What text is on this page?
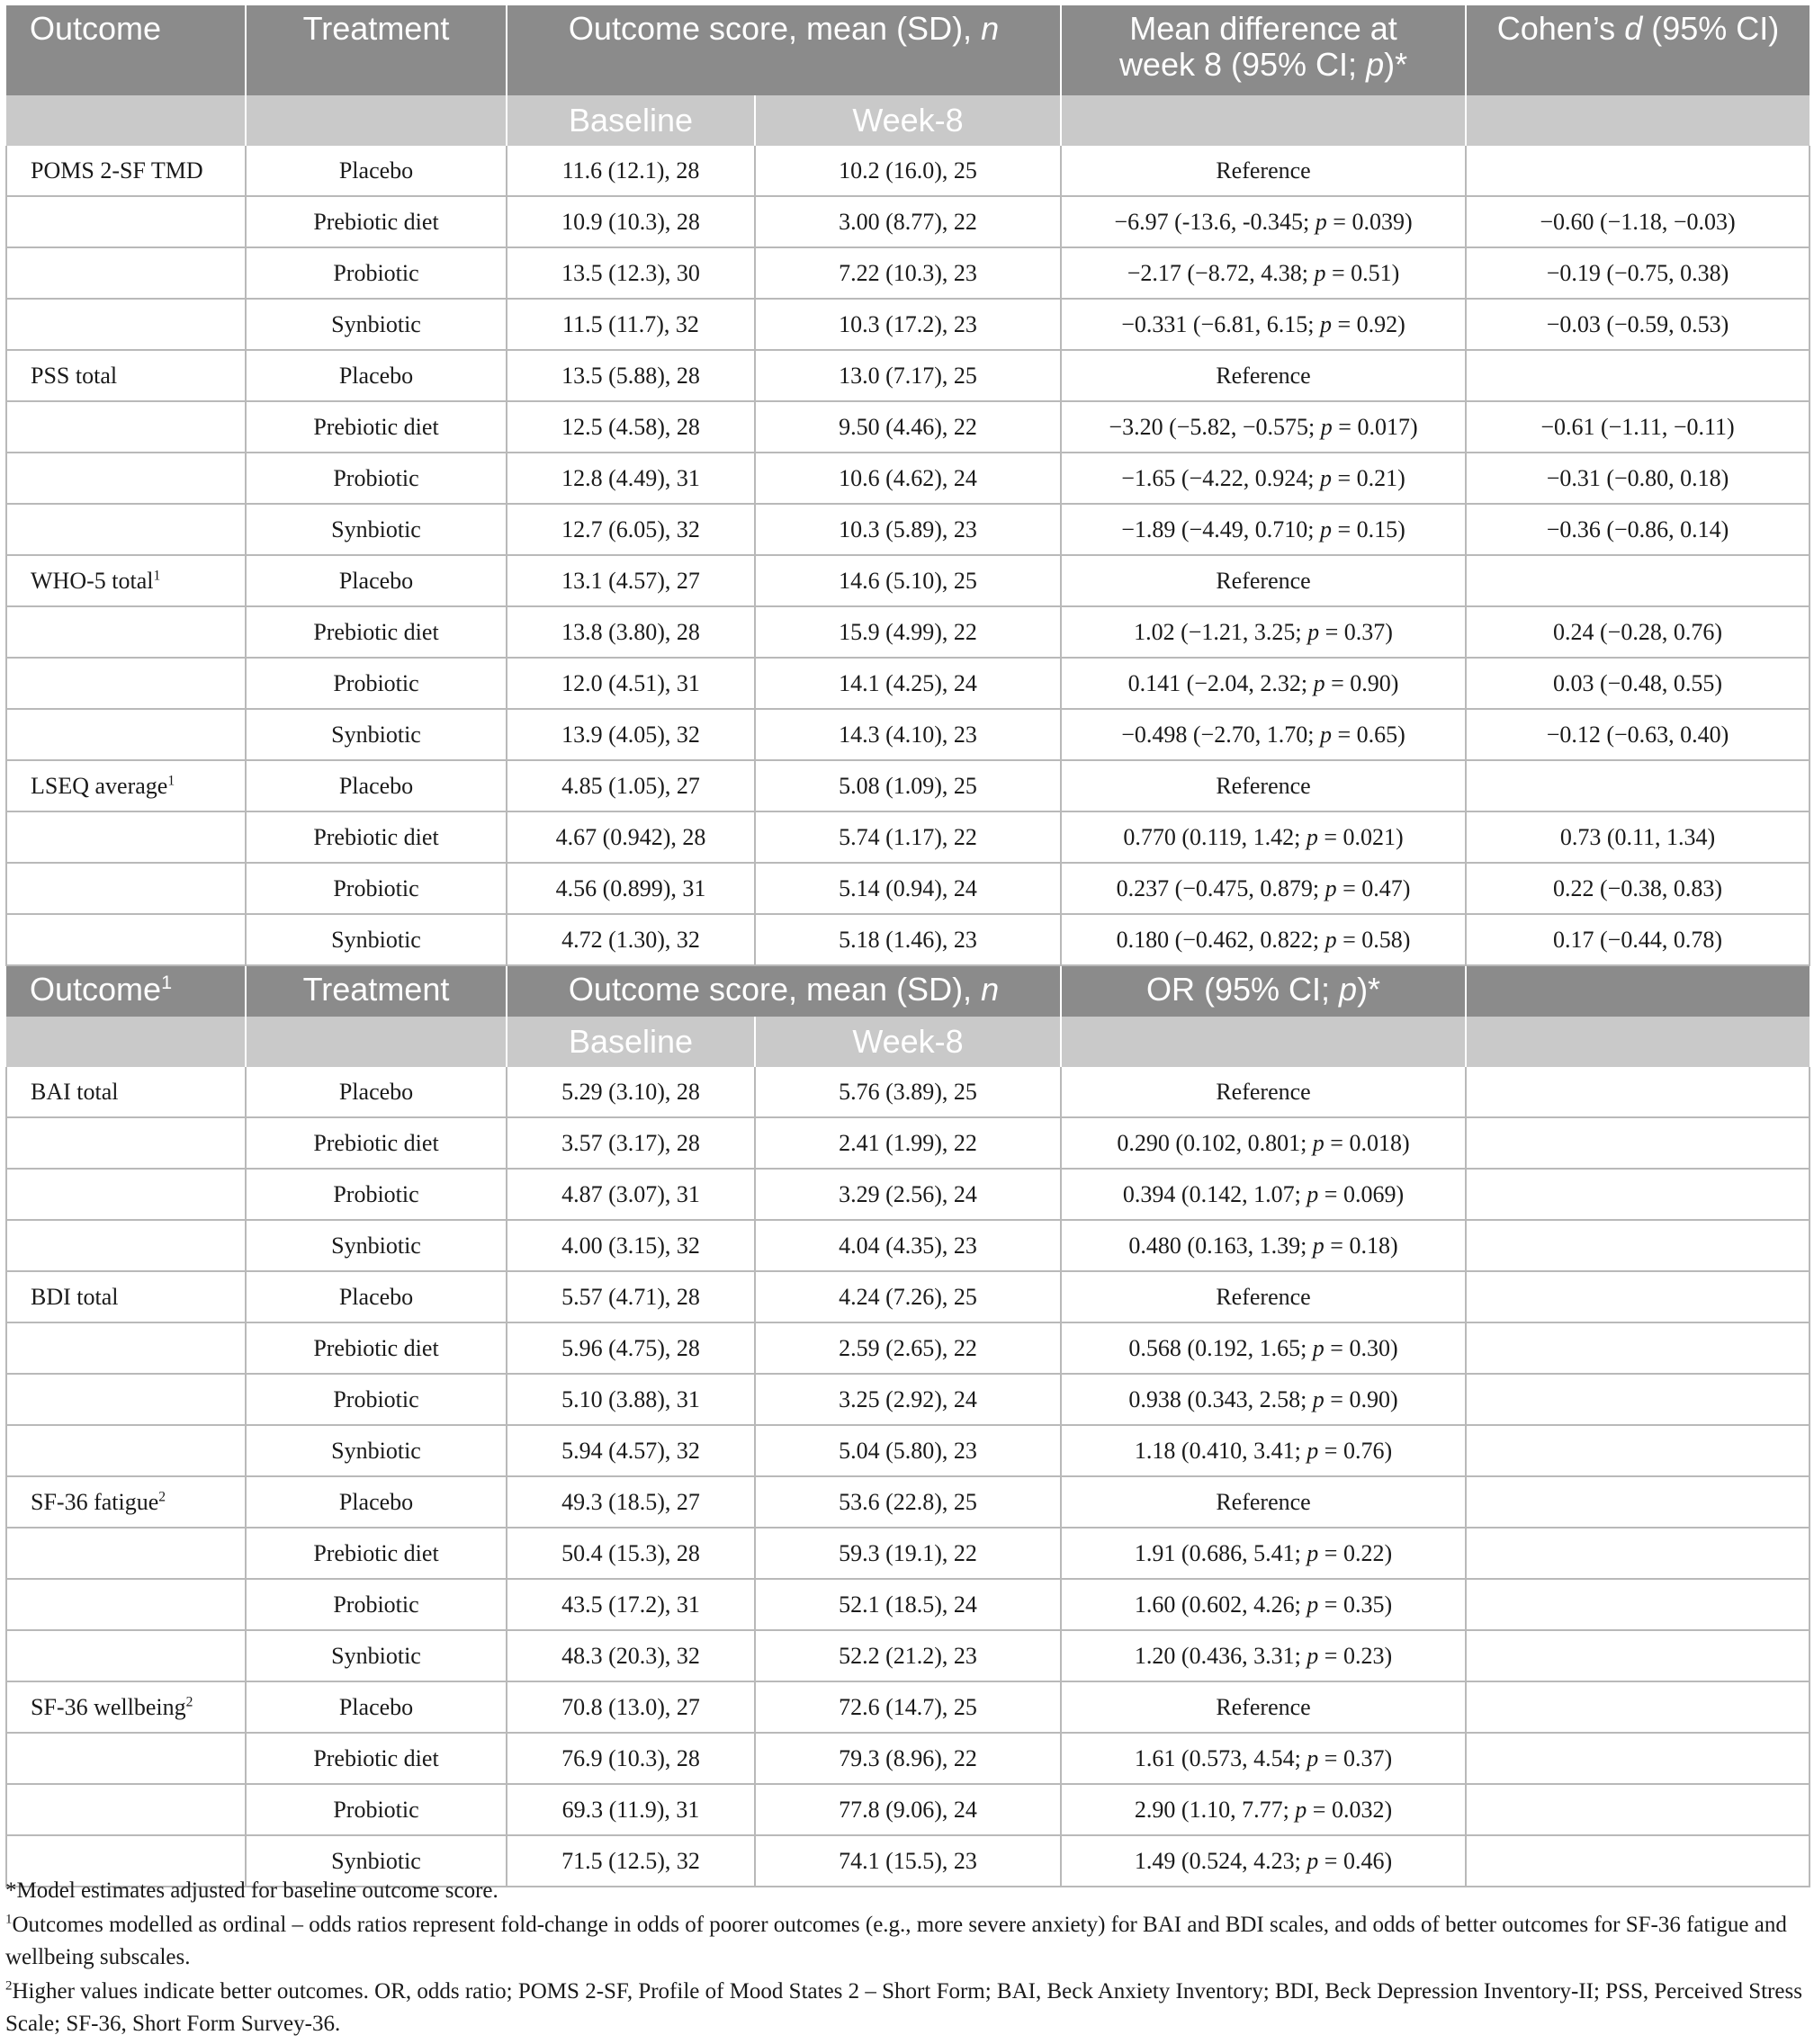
Outcome	Treatment	Outcome score, mean (SD), n		Mean difference at
week 8 (95% CI; p)*	Cohen’s d (95% CI)
		Baseline	Week-8		
POMS 2-SF TMD	Placebo	11.6 (12.1), 28	10.2 (16.0), 25	Reference	
	Prebiotic diet	10.9 (10.3), 28	3.00 (8.77), 22	−6.97 (-13.6, -0.345; p = 0.039)	−0.60 (−1.18, −0.03)
	Probiotic	13.5 (12.3), 30	7.22 (10.3), 23	−2.17 (−8.72, 4.38; p = 0.51)	−0.19 (−0.75, 0.38)
	Synbiotic	11.5 (11.7), 32	10.3 (17.2), 23	−0.331 (−6.81, 6.15; p = 0.92)	−0.03 (−0.59, 0.53)
PSS total	Placebo	13.5 (5.88), 28	13.0 (7.17), 25	Reference	
	Prebiotic diet	12.5 (4.58), 28	9.50 (4.46), 22	−3.20 (−5.82, −0.575; p = 0.017)	−0.61 (−1.11, −0.11)
	Probiotic	12.8 (4.49), 31	10.6 (4.62), 24	−1.65 (−4.22, 0.924; p = 0.21)	−0.31 (−0.80, 0.18)
	Synbiotic	12.7 (6.05), 32	10.3 (5.89), 23	−1.89 (−4.49, 0.710; p = 0.15)	−0.36 (−0.86, 0.14)
WHO-5 total$^1$	Placebo	13.1 (4.57), 27	14.6 (5.10), 25	Reference	
	Prebiotic diet	13.8 (3.80), 28	15.9 (4.99), 22	1.02 (−1.21, 3.25; p = 0.37)	0.24 (−0.28, 0.76)
	Probiotic	12.0 (4.51), 31	14.1 (4.25), 24	0.141 (−2.04, 2.32; p = 0.90)	0.03 (−0.48, 0.55)
	Synbiotic	13.9 (4.05), 32	14.3 (4.10), 23	−0.498 (−2.70, 1.70; p = 0.65)	−0.12 (−0.63, 0.40)
LSEQ average$^1$	Placebo	4.85 (1.05), 27	5.08 (1.09), 25	Reference	
	Prebiotic diet	4.67 (0.942), 28	5.74 (1.17), 22	0.770 (0.119, 1.42; p = 0.021)	0.73 (0.11, 1.34)
	Probiotic	4.56 (0.899), 31	5.14 (0.94), 24	0.237 (−0.475, 0.879; p = 0.47)	0.22 (−0.38, 0.83)
	Synbiotic	4.72 (1.30), 32	5.18 (1.46), 23	0.180 (−0.462, 0.822; p = 0.58)	0.17 (−0.44, 0.78)
Outcome$^1$	Treatment	Outcome score, mean (SD), n		OR (95% CI; p)*	
		Baseline	Week-8		
BAI total	Placebo	5.29 (3.10), 28	5.76 (3.89), 25	Reference	
	Prebiotic diet	3.57 (3.17), 28	2.41 (1.99), 22	0.290 (0.102, 0.801; p = 0.018)	
	Probiotic	4.87 (3.07), 31	3.29 (2.56), 24	0.394 (0.142, 1.07; p = 0.069)	
	Synbiotic	4.00 (3.15), 32	4.04 (4.35), 23	0.480 (0.163, 1.39; p = 0.18)	
BDI total	Placebo	5.57 (4.71), 28	4.24 (7.26), 25	Reference	
	Prebiotic diet	5.96 (4.75), 28	2.59 (2.65), 22	0.568 (0.192, 1.65; p = 0.30)	
	Probiotic	5.10 (3.88), 31	3.25 (2.92), 24	0.938 (0.343, 2.58; p = 0.90)	
	Synbiotic	5.94 (4.57), 32	5.04 (5.80), 23	1.18 (0.410, 3.41; p = 0.76)	
SF-36 fatigue$^2$	Placebo	49.3 (18.5), 27	53.6 (22.8), 25	Reference	
	Prebiotic diet	50.4 (15.3), 28	59.3 (19.1), 22	1.91 (0.686, 5.41; p = 0.22)	
	Probiotic	43.5 (17.2), 31	52.1 (18.5), 24	1.60 (0.602, 4.26; p = 0.35)	
	Synbiotic	48.3 (20.3), 32	52.2 (21.2), 23	1.20 (0.436, 3.31; p = 0.23)	
SF-36 wellbeing$^2$	Placebo	70.8 (13.0), 27	72.6 (14.7), 25	Reference	
	Prebiotic diet	76.9 (10.3), 28	79.3 (8.96), 22	1.61 (0.573, 4.54; p = 0.37)	
	Probiotic	69.3 (11.9), 31	77.8 (9.06), 24	2.90 (1.10, 7.77; p = 0.032)	
	Synbiotic	71.5 (12.5), 32	74.1 (15.5), 23	1.49 (0.524, 4.23; p = 0.46)	
*Model estimates adjusted for baseline outcome score.
$^1$Outcomes modelled as ordinal – odds ratios represent fold-change in odds of poorer outcomes (e.g., more severe anxiety) for BAI and BDI scales, and odds of better outcomes for SF-36 fatigue and wellbeing subscales.
$^2$Higher values indicate better outcomes. OR, odds ratio; POMS 2-SF, Profile of Mood States 2 – Short Form; BAI, Beck Anxiety Inventory; BDI, Beck Depression Inventory-II; PSS, Perceived Stress Scale; SF-36, Short Form Survey-36.
